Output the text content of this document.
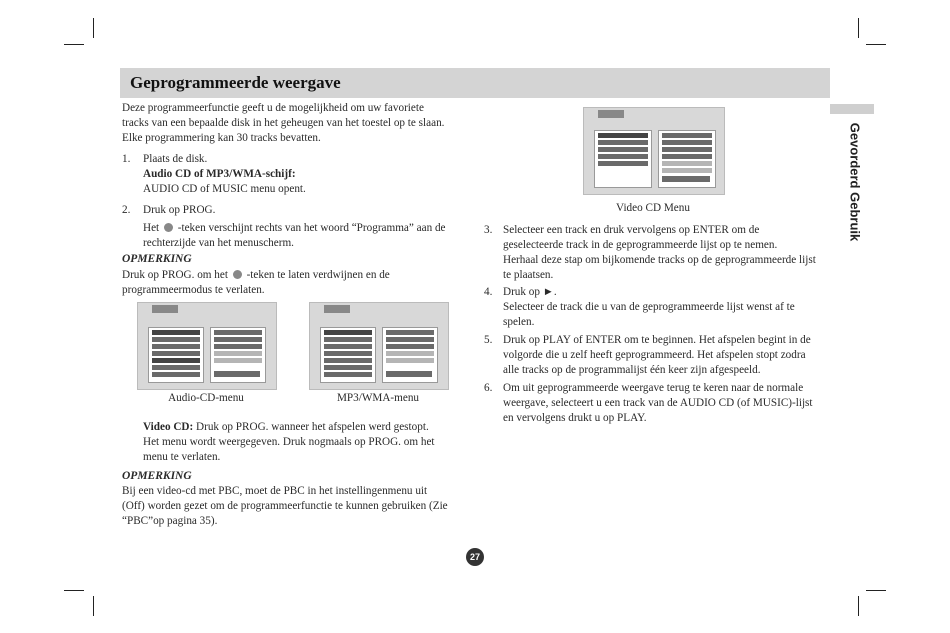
Geprogrammeerde weergave
Gevorderd Gebruik
Deze programmeerfunctie geeft u de mogelijkheid om uw favoriete
tracks van een bepaalde disk in het geheugen van het toestel op te slaan.
Elke programmering kan 30 tracks bevatten.
1. Plaats de disk.
Audio CD of MP3/WMA-schijf:
AUDIO CD of MUSIC menu opent.
2. Druk op PROG.
Het -teken verschijnt rechts van het woord “Programma” aan de
rechterzijde van het menuscherm.
OPMERKING
Druk op PROG. om het -teken te laten verdwijnen en de
programmeermodus te verlaten.
Audio-CD-menu	MP3/WMA-menu
Video CD: Druk op PROG. wanneer het afspelen werd gestopt.
Het menu wordt weergegeven. Druk nogmaals op PROG. om het
menu te verlaten.
OPMERKING
Bij een video-cd met PBC, moet de PBC in het instellingenmenu uit
(Off) worden gezet om de programmeerfunctie te kunnen gebruiken (Zie
“PBC”op pagina 35).
Video CD Menu
3. Selecteer een track en druk vervolgens op ENTER om de
geselecteerde track in de geprogrammeerde lijst op te nemen.
Herhaal deze stap om bijkomende tracks op de geprogrammeerde lijst
te plaatsen.
4. Druk op ►.
Selecteer de track die u van de geprogrammeerde lijst wenst af te
spelen.
5. Druk op PLAY of ENTER om te beginnen. Het afspelen begint in de
volgorde die u zelf heeft geprogrammeerd. Het afspelen stopt zodra
alle tracks op de programmalijst één keer zijn afgespeeld.
6. Om uit geprogrammeerde weergave terug te keren naar de normale
weergave, selecteert u een track van de AUDIO CD (of MUSIC)-lijst
en vervolgens drukt u op PLAY.
27
